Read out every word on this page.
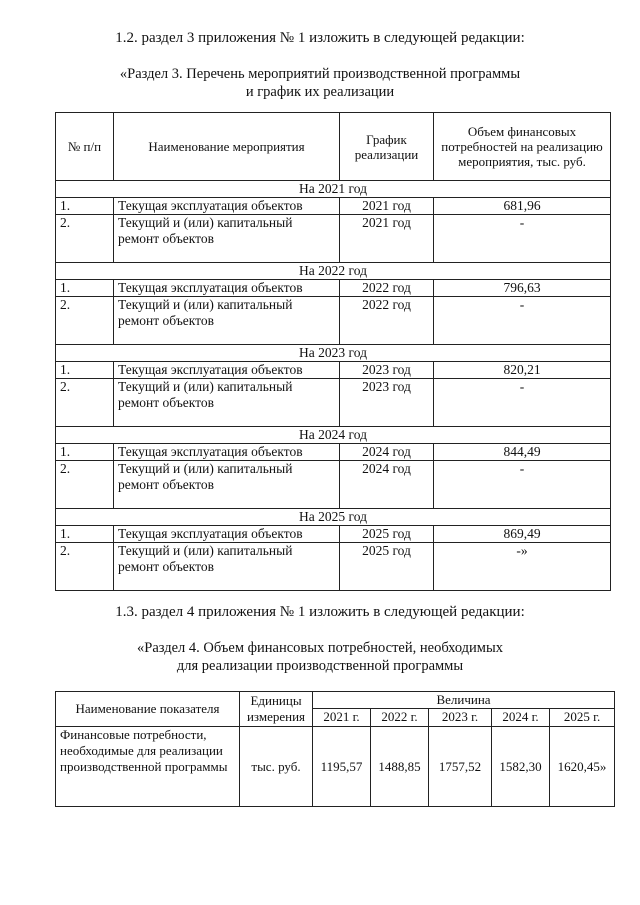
1.2. раздел 3 приложения № 1 изложить в следующей редакции:
«Раздел 3. Перечень мероприятий производственной программы
и график их реализации
№ п/п	Наименование мероприятия	График реализации	Объем финансовых потребностей на реализацию мероприятия, тыс. руб.
На 2021 год			
1.	Текущая эксплуатация объектов	2021 год	681,96
2.	Текущий и (или) капитальный ремонт объектов	2021 год	-
На 2022 год			
1.	Текущая эксплуатация объектов	2022 год	796,63
2.	Текущий и (или) капитальный ремонт объектов	2022 год	-
На 2023 год			
1.	Текущая эксплуатация объектов	2023 год	820,21
2.	Текущий и (или) капитальный ремонт объектов	2023 год	-
На 2024 год			
1.	Текущая эксплуатация объектов	2024 год	844,49
2.	Текущий и (или) капитальный ремонт объектов	2024 год	-
На 2025 год			
1.	Текущая эксплуатация объектов	2025 год	869,49
2.	Текущий и (или) капитальный ремонт объектов	2025 год	-»
1.3. раздел 4 приложения № 1 изложить в следующей редакции:
«Раздел 4. Объем финансовых потребностей, необходимых
для реализации производственной программы
Наименование показателя	Единицы измерения	Величина				
		2021 г.	2022 г.	2023 г.	2024 г.	2025 г.
Финансовые потребности, необходимые для реализации производственной программы	тыс. руб.	1195,57	1488,85	1757,52	1582,30	1620,45»
